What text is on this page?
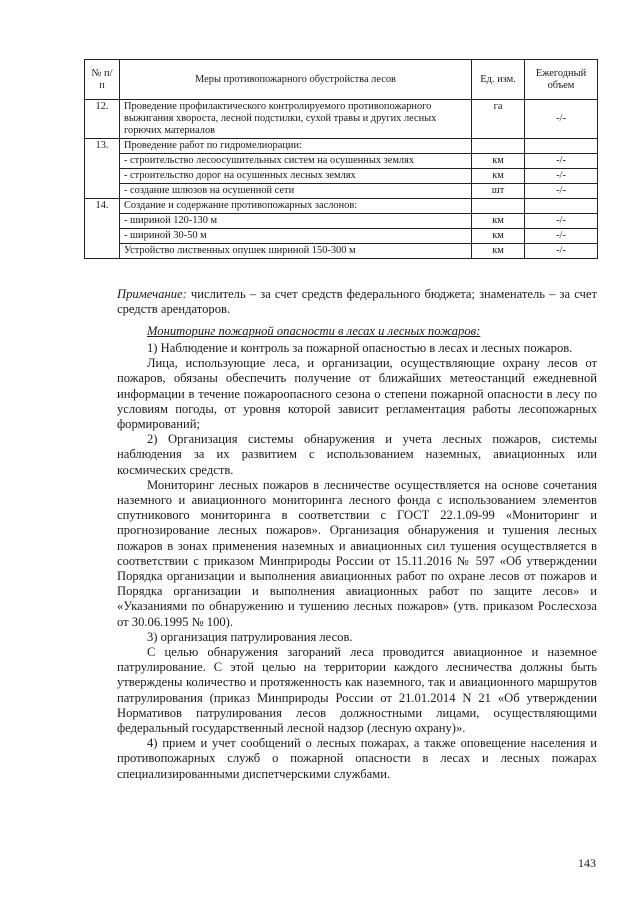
№ п/п	Меры противопожарного обустройства лесов	Ед. изм.	Ежегодный объем
12.	Проведение профилактического контролируемого противопожарного выжигания хворостa, лесной подстилки, сухой травы и других лесных горючих материалов	га	-/-
13.	Проведение работ по гидромелиорации:		
	- строительство лесоосушительных систем на осушенных землях	км	-/-
	- строительство дорог на осушенных лесных землях	км	-/-
	- создание шлюзов на осушенной сети	шт	-/-
14.	Создание и содержание противопожарных заслонов:		
	- шириной 120-130 м	км	-/-
	- шириной 30-50 м	км	-/-
	Устройство лиственных опушек шириной 150-300 м	км	-/-
Примечание: числитель – за счет средств федерального бюджета; знаменатель – за счет средств арендаторов.
Мониторинг пожарной опасности в лесах и лесных пожаров:

1) Наблюдение и контроль за пожарной опасностью в лесах и лесных пожаров.

Лица, использующие леса, и организации, осуществляющие охрану лесов от пожаров, обязаны обеспечить получение от ближайших метеостанций ежедневной информации в течение пожароопасного сезона о степени пожарной опасности в лесу по условиям погоды, от уровня которой зависит регламентация работы лесопожарных формирований;

2) Организация системы обнаружения и учета лесных пожаров, системы наблюдения за их развитием с использованием наземных, авиационных или космических средств.

Мониторинг лесных пожаров в лесничестве осуществляется на основе сочетания наземного и авиационного мониторинга лесного фонда с использованием элементов спутникового мониторинга в соответствии с ГОСТ 22.1.09-99 «Мониторинг и прогнозирование лесных пожаров». Организация обнаружения и тушения лесных пожаров в зонах применения наземных и авиационных сил тушения осуществляется в соответствии с приказом Минприроды России от 15.11.2016 № 597 «Об утверждении Порядка организации и выполнения авиационных работ по охране лесов от пожаров и Порядка организации и выполнения авиационных работ по защите лесов» и «Указаниями по обнаружению и тушению лесных пожаров» (утв. приказом Рослесхоза от 30.06.1995 № 100).

3) организация патрулирования лесов.

С целью обнаружения загораний леса проводится авиационное и наземное патрулирование. С этой целью на территории каждого лесничества должны быть утверждены количество и протяженность как наземного, так и авиационного маршрутов патрулирования (приказ Минприроды России от 21.01.2014 N 21 «Об утверждении Нормативов патрулирования лесов должностными лицами, осуществляющими федеральный государственный лесной надзор (лесную охрану)».

4) прием и учет сообщений о лесных пожарах, а также оповещение населения и противопожарных служб о пожарной опасности в лесах и лесных пожарах специализированными диспетчерскими службами.

143
